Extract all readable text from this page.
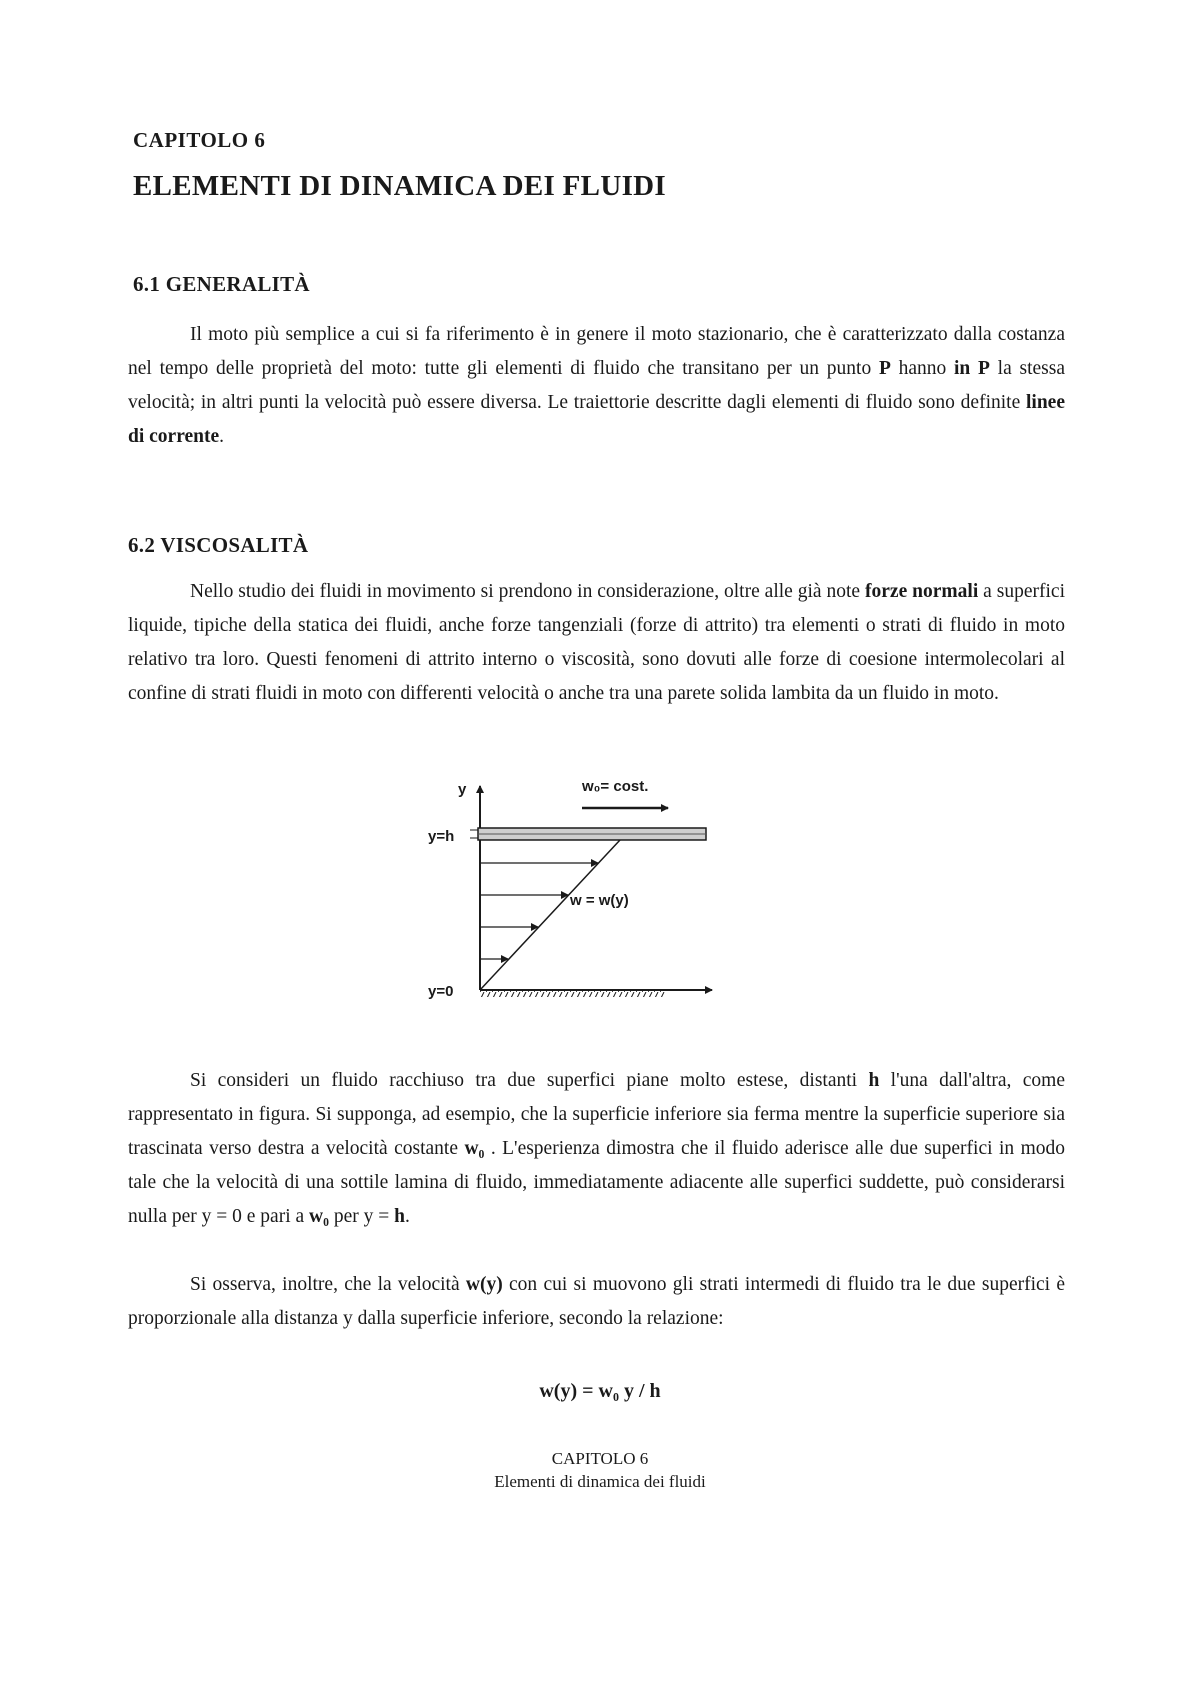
CAPITOLO 6
ELEMENTI DI DINAMICA DEI FLUIDI
6.1 GENERALITÀ

Il moto più semplice a cui si fa riferimento è in genere il moto stazionario, che è caratterizzato dalla costanza nel tempo delle proprietà del moto: tutte gli elementi di fluido che transitano per un punto P hanno in P la stessa velocità; in altri punti la velocità può essere diversa. Le traiettorie descritte dagli elementi di fluido sono definite linee di corrente.

6.2 VISCOSALITÀ

Nello studio dei fluidi in movimento si prendono in considerazione, oltre alle già note forze normali a superfici liquide, tipiche della statica dei fluidi, anche forze tangenziali (forze di attrito) tra elementi o strati di fluido in moto relativo tra loro. Questi fenomeni di attrito interno o viscosità, sono dovuti alle forze di coesione intermolecolari al confine di strati fluidi in moto con differenti velocità o anche tra una parete solida lambita da un fluido in moto.

y	w₀= cost.
y=h
w = w(y)
y=0

Si consideri un fluido racchiuso tra due superfici piane molto estese, distanti h l'una dall'altra, come rappresentato in figura. Si supponga, ad esempio, che la superficie inferiore sia ferma mentre la superficie superiore sia trascinata verso destra a velocità costante w₀ . L'esperienza dimostra che il fluido aderisce alle due superfici in modo tale che la velocità di una sottile lamina di fluido, immediatamente adiacente alle superfici suddette, può considerarsi nulla per y = 0 e pari a w₀ per y = h.

Si osserva, inoltre, che la velocità w(y) con cui si muovono gli strati intermedi di fluido tra le due superfici è proporzionale alla distanza y dalla superficie inferiore, secondo la relazione:

w(y) = w₀ y / h
CAPITOLO 6
Elementi di dinamica dei fluidi
